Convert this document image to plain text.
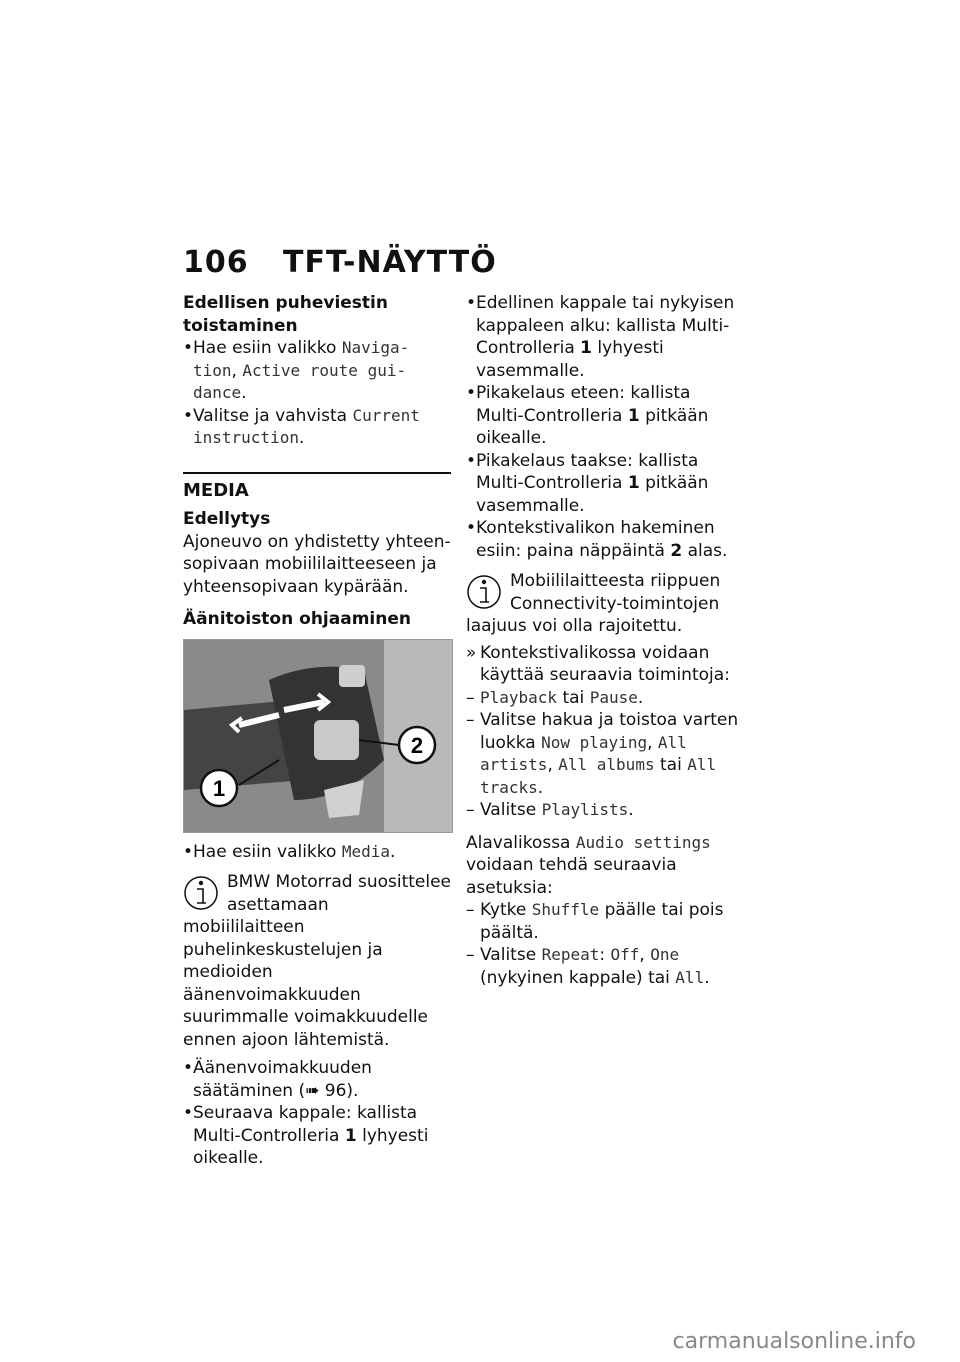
106 TFT-NÄYTTÖ
Edellisen puheviestin toistaminen
• Hae esiin valikko Naviga-tion, Active route gui-dance.
• Valitse ja vahvista Current instruction.
MEDIA
Edellytys

Ajoneuvo on yhdistetty yhteen-sopivaan mobiililaitteeseen ja yhteensopivaan kypärään.

Äänitoiston ohjaaminen
1
2
• Hae esiin valikko Media.
BMW Motorrad suosittelee asettamaan mobiililaitteen puhelinkeskustelujen ja medioiden äänenvoimakkuuden suurimmalle voimakkuudelle ennen ajoon lähtemistä.
• Äänenvoimakkuuden säätäminen (➠ 96).
• Seuraava kappale: kallista Multi-Controlleria 1 lyhyesti oikealle.
• Edellinen kappale tai nykyisen kappaleen alku: kallista Multi-Controlleria 1 lyhyesti vasemmalle.
• Pikakelaus eteen: kallista Multi-Controlleria 1 pitkään oikealle.
• Pikakelaus taakse: kallista Multi-Controlleria 1 pitkään vasemmalle.
• Kontekstivalikon hakeminen esiin: paina näppäintä 2 alas.
Mobiililaitteesta riippuen Connectivity-toimintojen laajuus voi olla rajoitettu.
» Kontekstivalikossa voidaan käyttää seuraavia toimintoja:
– Playback tai Pause.
– Valitse hakua ja toistoa varten luokka Now playing, All artists, All albums tai All tracks.
– Valitse Playlists.

Alavalikossa Audio settings voidaan tehdä seuraavia asetuksia:

– Kytke Shuffle päälle tai pois päältä.
– Valitse Repeat: Off, One (nykyinen kappale) tai All.
carmanualsonline.info
